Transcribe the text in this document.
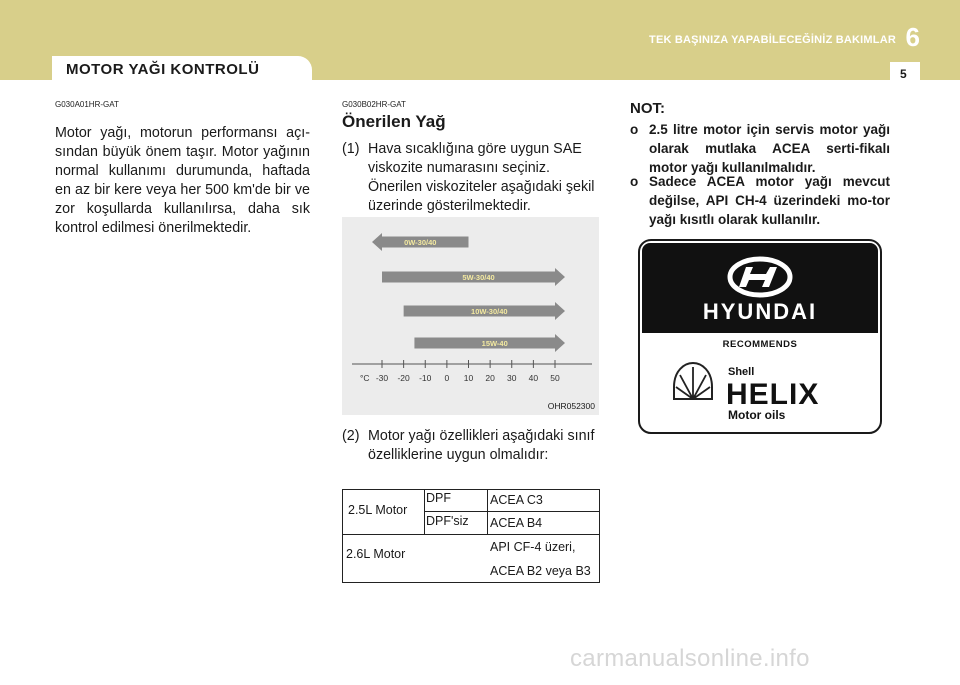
TEK BAŞINIZA YAPABİLECEĞİNİZ BAKIMLAR 6
MOTOR YAĞI KONTROLÜ	5
G030A01HR-GAT
Motor yağı, motorun performansı açı-sından büyük önem taşır. Motor yağının normal kullanımı durumunda, haftada en az bir kere veya her 500 km'de bir ve zor koşullarda kullanılırsa, daha sık kontrol edilmesi önerilmektedir.
G030B02HR-GAT
Önerilen Yağ
(1) Hava sıcaklığına göre uygun SAE viskozite numarasını seçiniz. Önerilen viskoziteler aşağıdaki şekil üzerinde gösterilmektedir.
0W-30/40
5W-30/40
10W-30/40
15W-40
-30 -20 -10 0 10 20 30 40 50
°C
OHR052300
(2) Motor yağı özellikleri aşağıdaki sınıf özelliklerine uygun olmalıdır:
2.5L Motor
DPF	ACEA C3
DPF'siz ACEA B4
2.6L Motor	API CF-4 üzeri,
ACEA B2 veya B3
NOT:
o 2.5 litre motor için servis motor yağı olarak mutlaka ACEA serti-fikalı motor yağı kullanılmalıdır.
o Sadece ACEA motor yağı mevcut değilse, API CH-4 üzerindeki mo-tor yağı kısıtlı olarak kullanılır.
HYUNDAI
RECOMMENDS
Shell
HELIX
Motor oils
carmanualsonline.info
